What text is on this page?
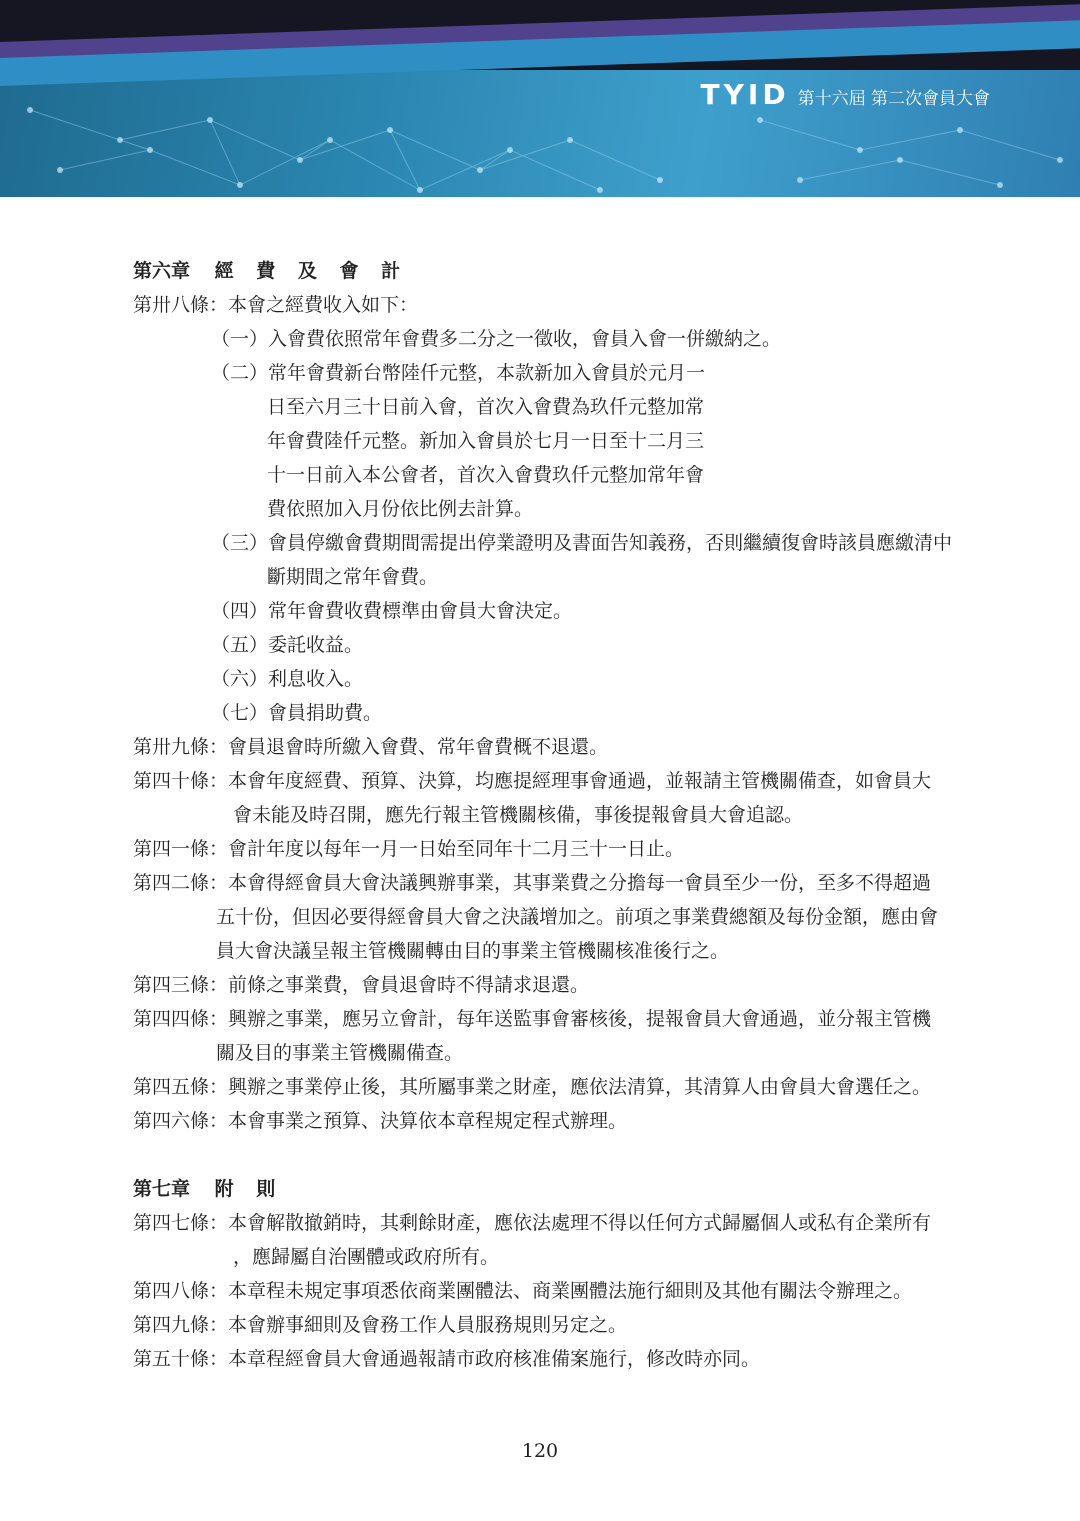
TYID 第十六屆 第二次會員大會
第六章 經 費 及 會 計
第卅八條：本會之經費收入如下：
（一）入會費依照常年會費多二分之一徵收，會員入會一併繳納之。
（二）常年會費新台幣陸仟元整，本款新加入會員於元月一
日至六月三十日前入會，首次入會費為玖仟元整加常
年會費陸仟元整。新加入會員於七月一日至十二月三
十一日前入本公會者，首次入會費玖仟元整加常年會
費依照加入月份依比例去計算。
（三）會員停繳會費期間需提出停業證明及書面告知義務，否則繼續復會時該員應繳清中
斷期間之常年會費。
（四）常年會費收費標準由會員大會決定。
（五）委託收益。
（六）利息收入。
（七）會員捐助費。
第卅九條：會員退會時所繳入會費、常年會費概不退還。
第四十條：本會年度經費、預算、決算，均應提經理事會通過，並報請主管機關備查，如會員大
會未能及時召開，應先行報主管機關核備，事後提報會員大會追認。
第四一條：會計年度以每年一月一日始至同年十二月三十一日止。
第四二條：本會得經會員大會決議興辦事業，其事業費之分擔每一會員至少一份，至多不得超過
五十份，但因必要得經會員大會之決議增加之。前項之事業費總額及每份金額，應由會
員大會決議呈報主管機關轉由目的事業主管機關核准後行之。
第四三條：前條之事業費，會員退會時不得請求退還。
第四四條：興辦之事業，應另立會計，每年送監事會審核後，提報會員大會通過，並分報主管機
關及目的事業主管機關備查。
第四五條：興辦之事業停止後，其所屬事業之財產，應依法清算，其清算人由會員大會選任之。
第四六條：本會事業之預算、決算依本章程規定程式辦理。
第七章 附 則
第四七條：本會解散撤銷時，其剩餘財產，應依法處理不得以任何方式歸屬個人或私有企業所有
，應歸屬自治團體或政府所有。
第四八條：本章程未規定事項悉依商業團體法、商業團體法施行細則及其他有關法令辦理之。
第四九條：本會辦事細則及會務工作人員服務規則另定之。
第五十條：本章程經會員大會通過報請市政府核准備案施行，修改時亦同。
120
